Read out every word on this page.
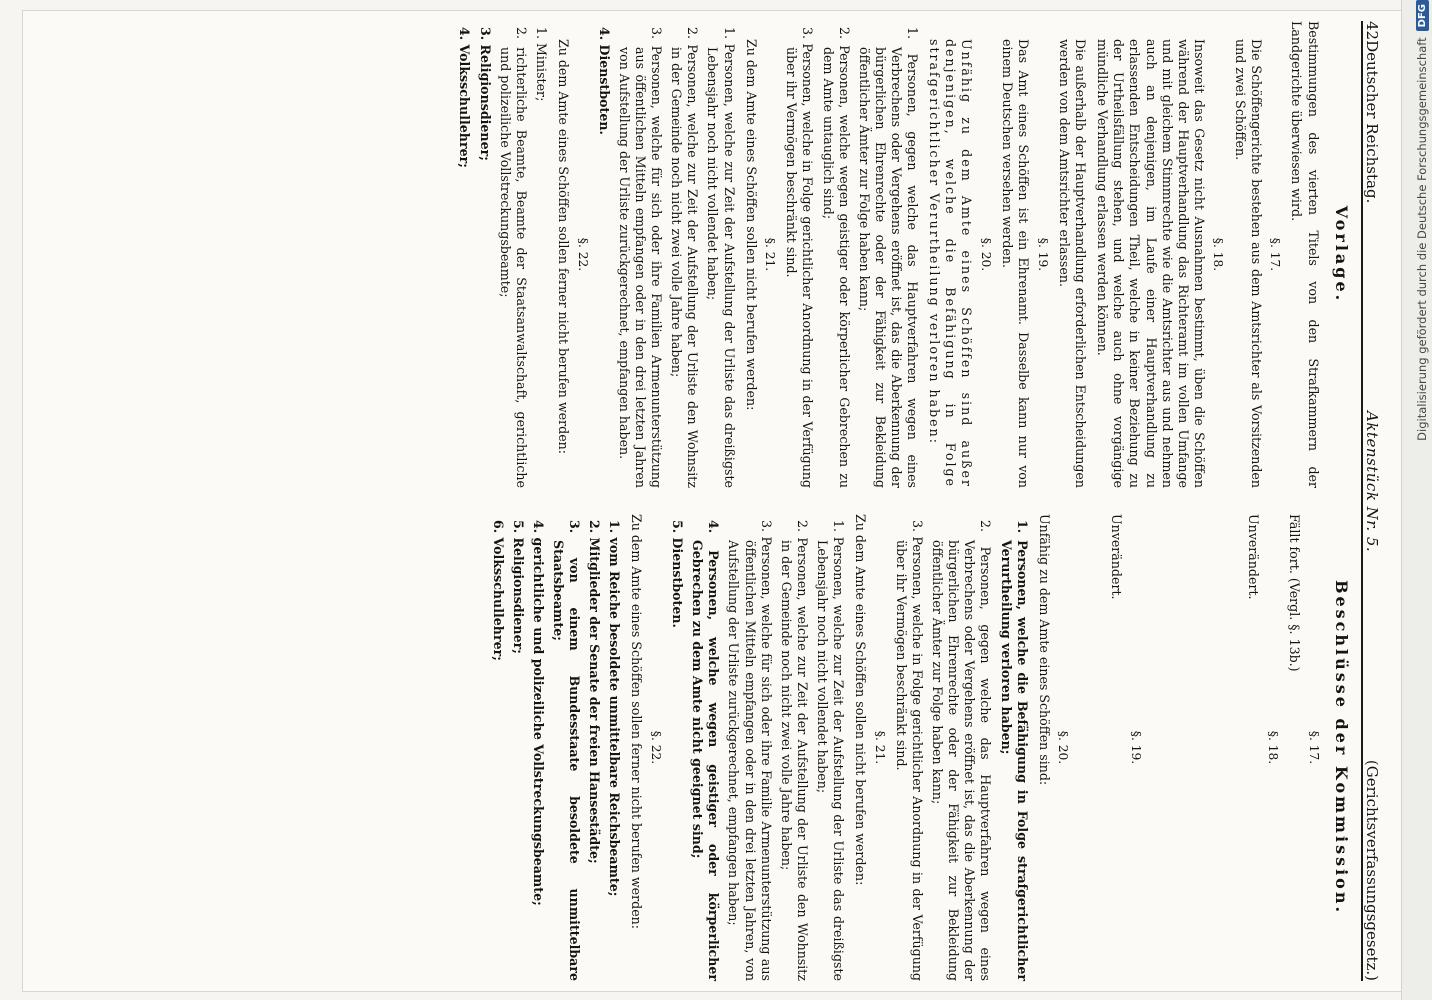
42
Deutscher Reichstag.
Aktenstück Nr. 5.
(Gerichtsverfassungsgesetz.)
Vorlage.

Bestimmungen des vierten Titels von den Strafkammern der Landgerichte überwiesen wird.

§. 17.

Die Schöffengerichte bestehen aus dem Amtsrichter als Vorsitzenden und zwei Schöffen.

§. 18.

Insoweit das Gesetz nicht Ausnahmen bestimmt, üben die Schöffen während der Hauptverhandlung das Richteramt im vollen Umfange und mit gleichem Stimmrechte wie die Amtsrichter aus und nehmen auch an denjenigen, im Laufe einer Hauptverhandlung zu erlassenden Entscheidungen Theil, welche in keiner Beziehung zu der Urtheilsfällung stehen, und welche auch ohne vorgängige mündliche Verhandlung erlassen werden können.

Die außerhalb der Hauptverhandlung erforderlichen Entscheidungen werden von dem Amtsrichter erlassen.

§. 19.

Das Amt eines Schöffen ist ein Ehrenamt. Dasselbe kann nur von einem Deutschen versehen werden.

§. 20.

Unfähig zu dem Amte eines Schöffen sind außer denjenigen, welche die Befähigung in Folge strafgerichtlicher Verurtheilung verloren haben:

1. Personen, gegen welche das Hauptverfahren wegen eines Verbrechens oder Vergehens eröffnet ist, das die Aberkennung der bürgerlichen Ehrenrechte oder der Fähigkeit zur Bekleidung öffentlicher Ämter zur Folge haben kann;
2. Personen, welche wegen geistiger oder körperlicher Gebrechen zu dem Amte untauglich sind;
3. Personen, welche in Folge gerichtlicher Anordnung in der Verfügung über ihr Vermögen beschränkt sind.
§. 21.

Zu dem Amte eines Schöffen sollen nicht berufen werden:

1. Personen, welche zur Zeit der Aufstellung der Urliste das dreißigste Lebensjahr noch nicht vollendet haben;
2. Personen, welche zur Zeit der Aufstellung der Urliste den Wohnsitz in der Gemeinde noch nicht zwei volle Jahre haben;
3. Personen, welche für sich oder ihre Familien Armenunterstützung aus öffentlichen Mitteln empfangen oder in den drei letzten Jahren von Aufstellung der Urliste zurückgerechnet, empfangen haben.
4. Dienstboten.
§. 22.

Zu dem Amte eines Schöffen sollen ferner nicht berufen werden:

1. Minister;
2. richterliche Beamte, Beamte der Staatsanwaltschaft, gerichtliche und polizeiliche Vollstreckungsbeamte;
3. Religionsdiener;
4. Volksschullehrer;
Beschlüsse der Kommission.
§. 17.

Fällt fort. (Vergl. §. 13b.)

§. 18.

Unverändert.

§. 19.

Unverändert.

§. 20.

Unfähig zu dem Amte eines Schöffen sind:

1. Personen, welche die Befähigung in Folge strafgerichtlicher Verurtheilung verloren haben;
2. Personen, gegen welche das Hauptverfahren wegen eines Verbrechens oder Vergehens eröffnet ist, das die Aberkennung der bürgerlichen Ehrenrechte oder der Fähigkeit zur Bekleidung öffentlicher Ämter zur Folge haben kann;
3. Personen, welche in Folge gerichtlicher Anordnung in der Verfügung über ihr Vermögen beschränkt sind.
§. 21.

Zu dem Amte eines Schöffen sollen nicht berufen werden:

1. Personen, welche zur Zeit der Aufstellung der Urliste das dreißigste Lebensjahr noch nicht vollendet haben;
2. Personen, welche zur Zeit der Aufstellung der Urliste den Wohnsitz in der Gemeinde noch nicht zwei volle Jahre haben;
3. Personen, welche für sich oder ihre Familie Armenunterstützung aus öffentlichen Mitteln empfangen oder in den drei letzten Jahren, von Aufstellung der Urliste zurückgerechnet, empfangen haben;
4. Personen, welche wegen geistiger oder körperlicher Gebrechen zu dem Amte nicht geeignet sind;
5. Dienstboten.
§. 22.

Zu dem Amte eines Schöffen sollen ferner nicht berufen werden:

1. vom Reiche besoldete unmittelbare Reichsbeamte;
2. Mitglieder der Senate der freien Hansestädte;
3. von einem Bundesstaate besoldete unmittelbare Staatsbeamte;
4. gerichtliche und polizeiliche Vollstreckungsbeamte;
5. Religionsdiener;
6. Volksschullehrer;
Digitalisierung gefördert durch die Deutsche Forschungsgemeinschaft
DFG
